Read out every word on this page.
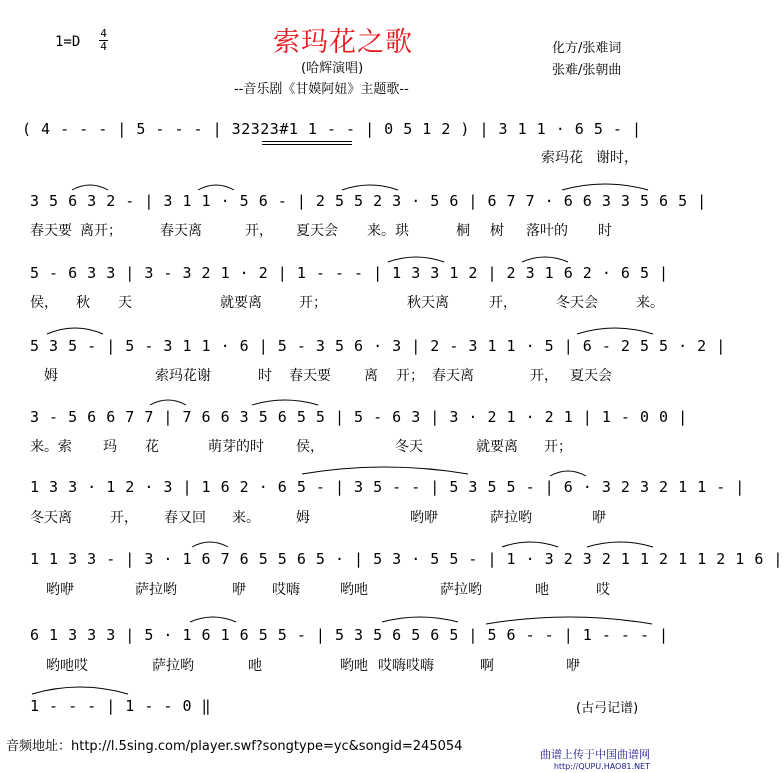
1=D
4
4	索玛花之歌
(哈辉演唱)
--音乐剧《甘嫫阿妞》主题歌--
化方/张难词
张难/张朝曲
( 4 - - - | 5 - - - | 32323#1 1 - - | 0 5 1 2 ) | 3 1 1 · 6 5 - |
索玛花 谢时，
3 5 6 3 2 - | 3 1 1 · 5 6 - | 2 5 5 2 3 · 5 6 | 6 7 7 · 6 6 3 3 5 6 5 |
春天要 离开；	春天离	开， 夏天会 来。珙	桐 树 落叶的 时
5 - 6 3 3 | 3 - 3 2 1 · 2 | 1 - - - | 1 3 3 1 2 | 2 3 1 6 2 · 6 5 |
侯， 秋 天	就要离	开；	秋天离	开，	冬天会	来。
5 3 5 - | 5 - 3 1 1 · 6 | 5 - 3 5 6 · 3 | 2 - 3 1 1 · 5 | 6 - 2 5 5 · 2 |
姆	索玛花谢	时 春天要 离 开； 春天离	开， 夏天会
3 - 5 6 6 7 7 | 7 6 6 3 5 6 5 5 | 5 - 6 3 | 3 · 2 1 · 2 1 | 1 - 0 0 |
来。索 玛 花	萌芽的时 侯，	冬天	就要离 开；
1 3 3 · 1 2 · 3 | 1 6 2 · 6 5 - | 3 5 - - | 5 3 5 5 - | 6 · 3 2 3 2 1 1 - |
冬天离	开， 春又回 来。	姆	哟咿	萨拉哟	咿
1 1 3 3 - | 3 · 1 6 7 6 5 5 6 5 · | 5 3 · 5 5 - | 1 · 3 2 3 2 1 1 2 1 1 2 1 6 |
哟咿	萨拉哟	咿 哎嗨	哟吔	萨拉哟	吔	哎
6 1 3 3 3 | 5 · 1 6 1 6 5 5 - | 5 3 5 6 5 6 5 | 5 6 - - | 1 - - - |
哟吔哎	萨拉哟	吔	哟吔 哎嗨哎嗨	啊	咿
1 - - - | 1 - - 0 ‖	(古弓记谱)
音频地址：http://l.5sing.com/player.swf?songtype=yc&songid=245054
曲谱上传于中国曲谱网
http://QUPU.HAO81.NET
